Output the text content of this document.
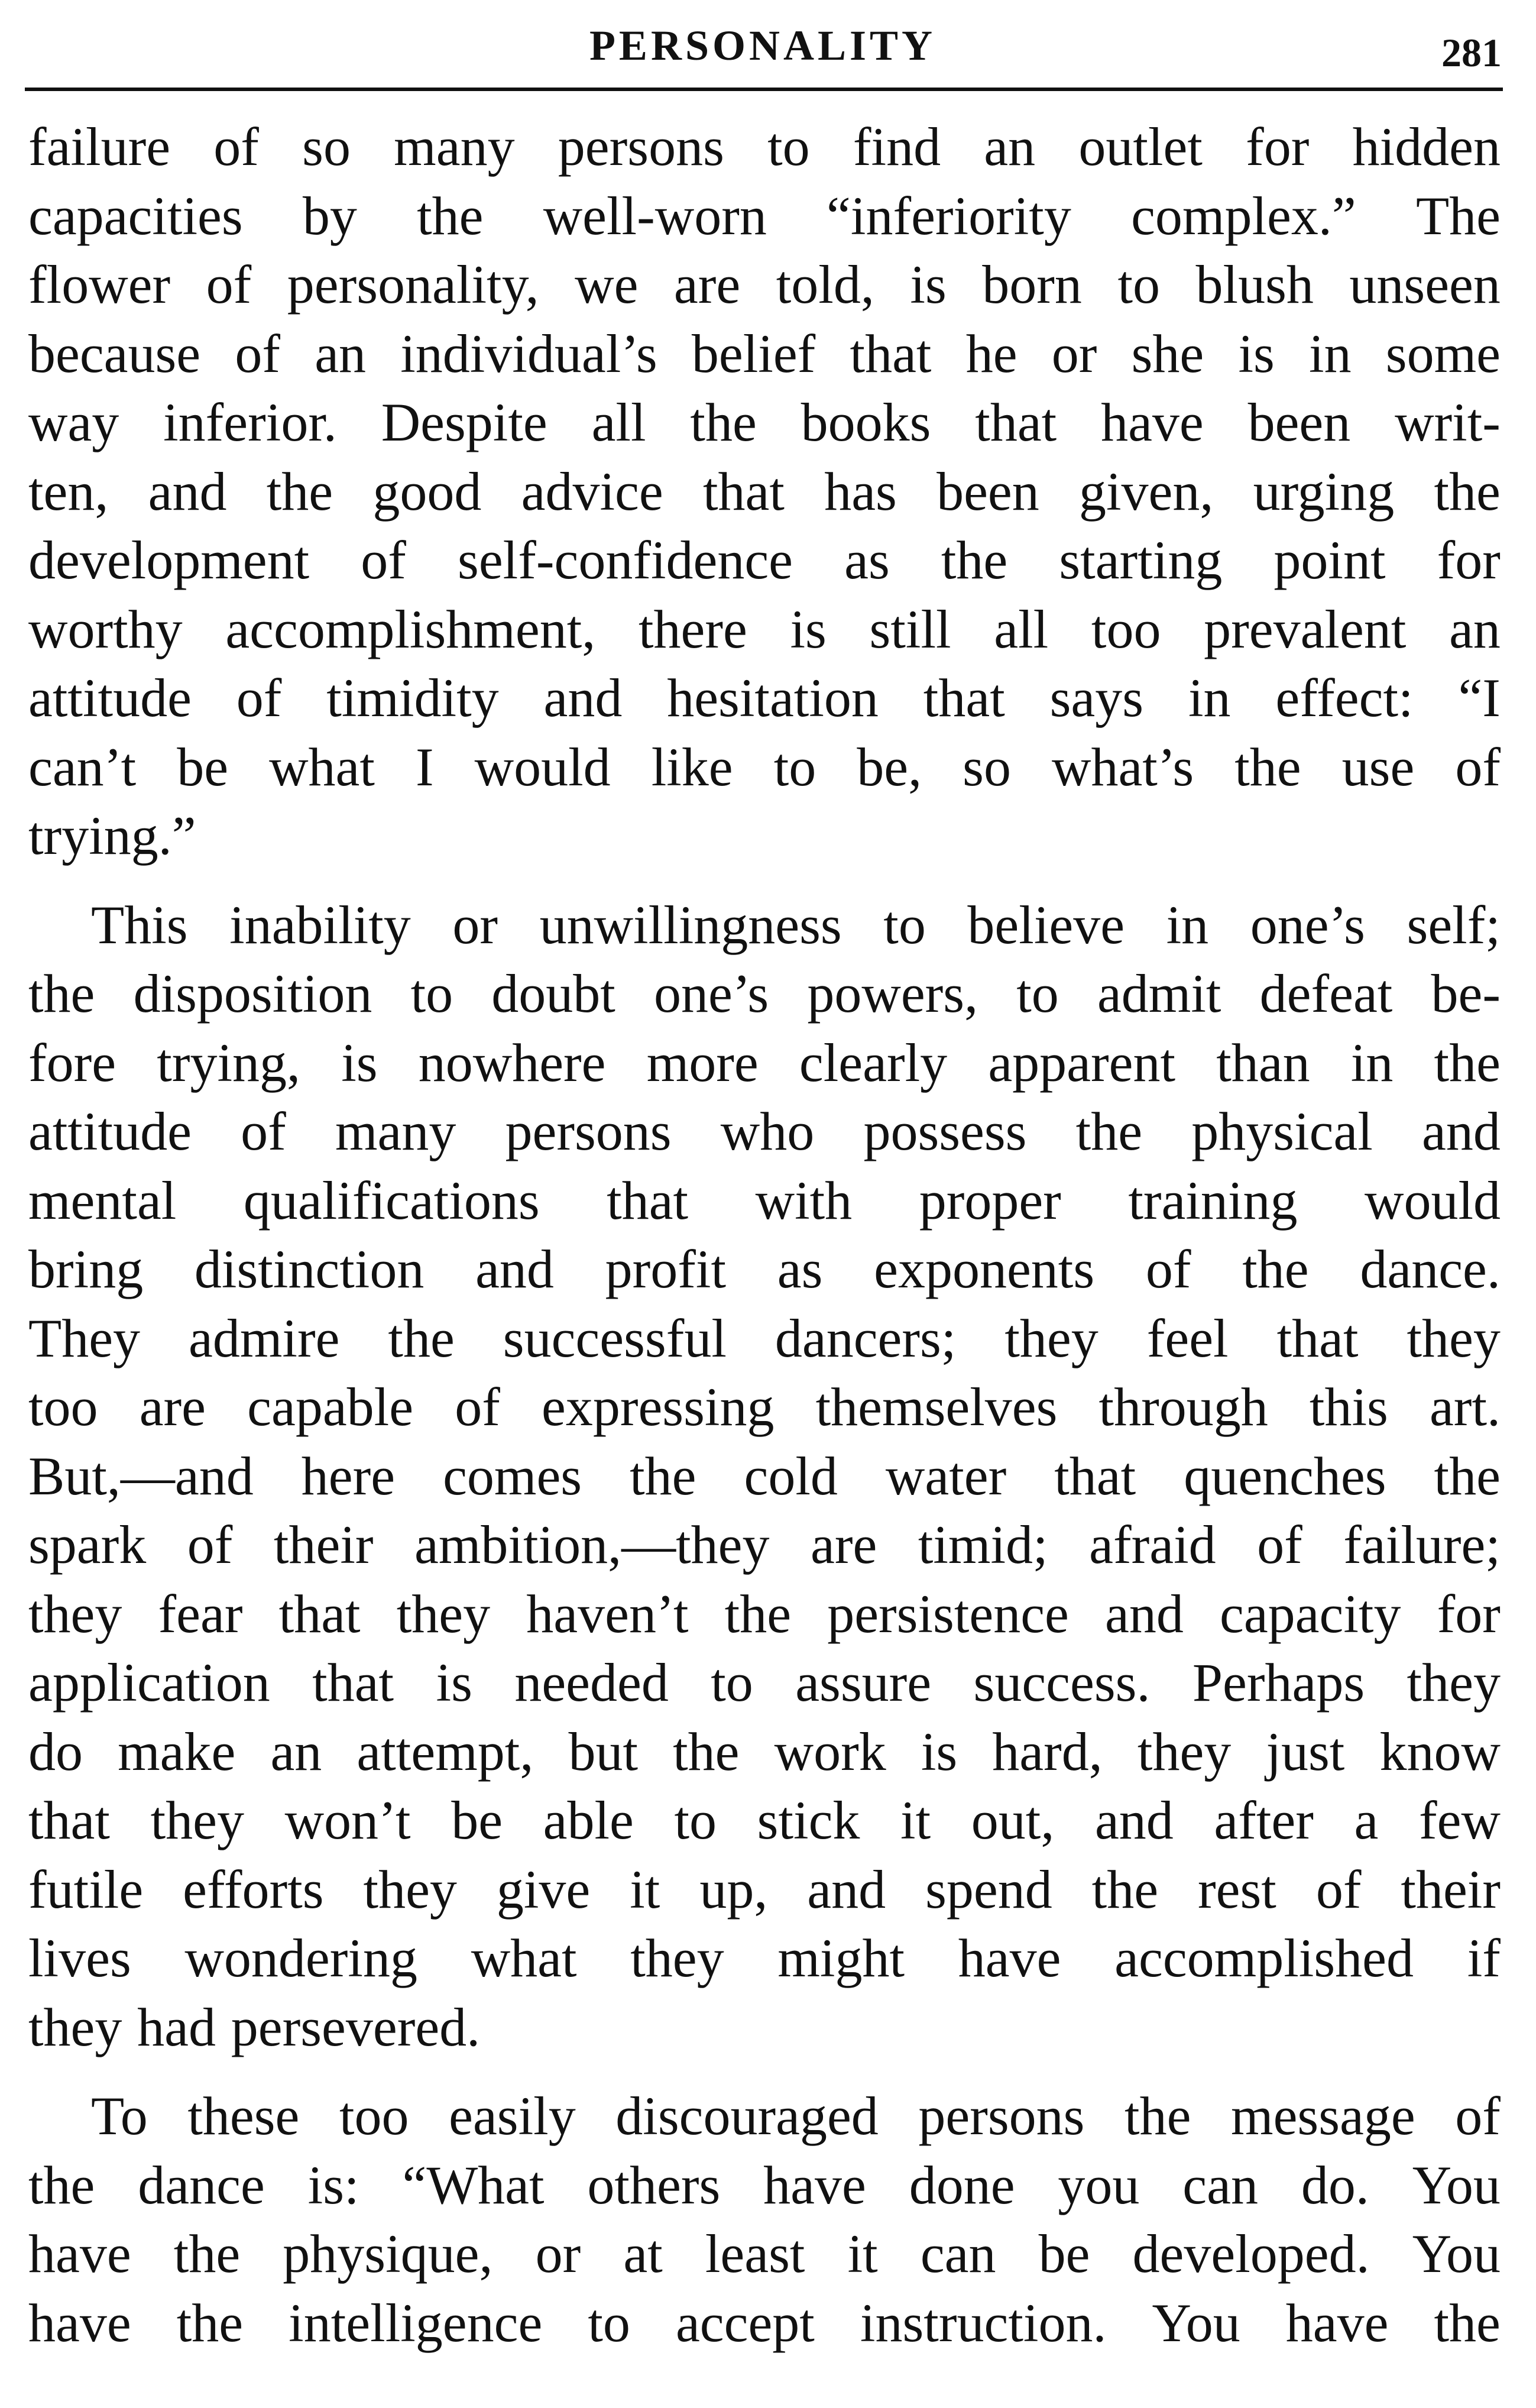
PERSONALITY	281
failure of so many persons to find an outlet for hidden
capacities by the well-worn “inferiority complex.” The
flower of personality, we are told, is born to blush unseen
because of an individual’s belief that he or she is in some
way inferior. Despite all the books that have been writ-
ten, and the good advice that has been given, urging the
development of self-confidence as the starting point for
worthy accomplishment, there is still all too prevalent an
attitude of timidity and hesitation that says in effect: “I
can’t be what I would like to be, so what’s the use of
trying.”
This inability or unwillingness to believe in one’s self;
the disposition to doubt one’s powers, to admit defeat be-
fore trying, is nowhere more clearly apparent than in the
attitude of many persons who possess the physical and
mental qualifications that with proper training would
bring distinction and profit as exponents of the dance.
They admire the successful dancers; they feel that they
too are capable of expressing themselves through this art.
But,—and here comes the cold water that quenches the
spark of their ambition,—they are timid; afraid of failure;
they fear that they haven’t the persistence and capacity for
application that is needed to assure success. Perhaps they
do make an attempt, but the work is hard, they just know
that they won’t be able to stick it out, and after a few
futile efforts they give it up, and spend the rest of their
lives wondering what they might have accomplished if
they had persevered.
To these too easily discouraged persons the message of
the dance is: “What others have done you can do. You
have the physique, or at least it can be developed. You
have the intelligence to accept instruction. You have the
